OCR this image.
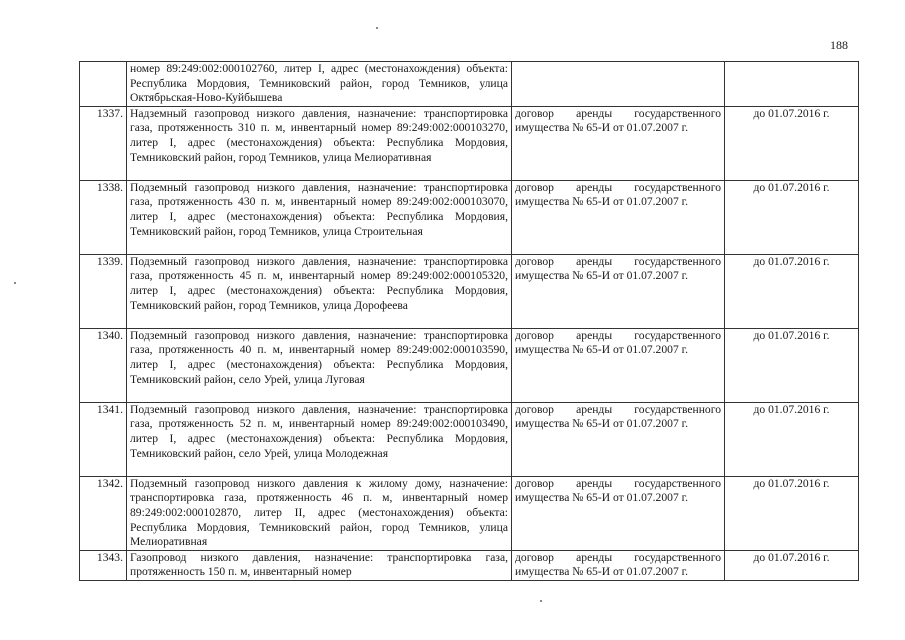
188
	номер 89:249:002:000102760, литер I, адрес (местонахождения) объекта: Республика Мордовия, Темниковский район, город Темников, улица Октябрьская-Ново-Куйбышева		
1337.	Надземный газопровод низкого давления, назначение: транспортировка газа, протяженность 310 п. м, инвентарный номер 89:249:002:000103270, литер I, адрес (местонахождения) объекта: Республика Мордовия, Темниковский район, город Темников, улица Мелиоративная	договор аренды государственного имущества № 65-И от 01.07.2007 г.	до 01.07.2016 г.
1338.	Подземный газопровод низкого давления, назначение: транспортировка газа, протяженность 430 п. м, инвентарный номер 89:249:002:000103070, литер I, адрес (местонахождения) объекта: Республика Мордовия, Темниковский район, город Темников, улица Строительная	договор аренды государственного имущества № 65-И от 01.07.2007 г.	до 01.07.2016 г.
1339.	Подземный газопровод низкого давления, назначение: транспортировка газа, протяженность 45 п. м, инвентарный номер 89:249:002:000105320, литер I, адрес (местонахождения) объекта: Республика Мордовия, Темниковский район, город Темников, улица Дорофеева	договор аренды государственного имущества № 65-И от 01.07.2007 г.	до 01.07.2016 г.
1340.	Подземный газопровод низкого давления, назначение: транспортировка газа, протяженность 40 п. м, инвентарный номер 89:249:002:000103590, литер I, адрес (местонахождения) объекта: Республика Мордовия, Темниковский район, село Урей, улица Луговая	договор аренды государственного имущества № 65-И от 01.07.2007 г.	до 01.07.2016 г.
1341.	Подземный газопровод низкого давления, назначение: транспортировка газа, протяженность 52 п. м, инвентарный номер 89:249:002:000103490, литер I, адрес (местонахождения) объекта: Республика Мордовия, Темниковский район, село Урей, улица Молодежная	договор аренды государственного имущества № 65-И от 01.07.2007 г.	до 01.07.2016 г.
1342.	Подземный газопровод низкого давления к жилому дому, назначение: транспортировка газа, протяженность 46 п. м, инвентарный номер 89:249:002:000102870, литер II, адрес (местонахождения) объекта: Республика Мордовия, Темниковский район, город Темников, улица Мелиоративная	договор аренды государственного имущества № 65-И от 01.07.2007 г.	до 01.07.2016 г.
1343.	Газопровод низкого давления, назначение: транспортировка газа, протяженность 150 п. м, инвентарный номер	договор аренды государственного имущества № 65-И от 01.07.2007 г.	до 01.07.2016 г.
